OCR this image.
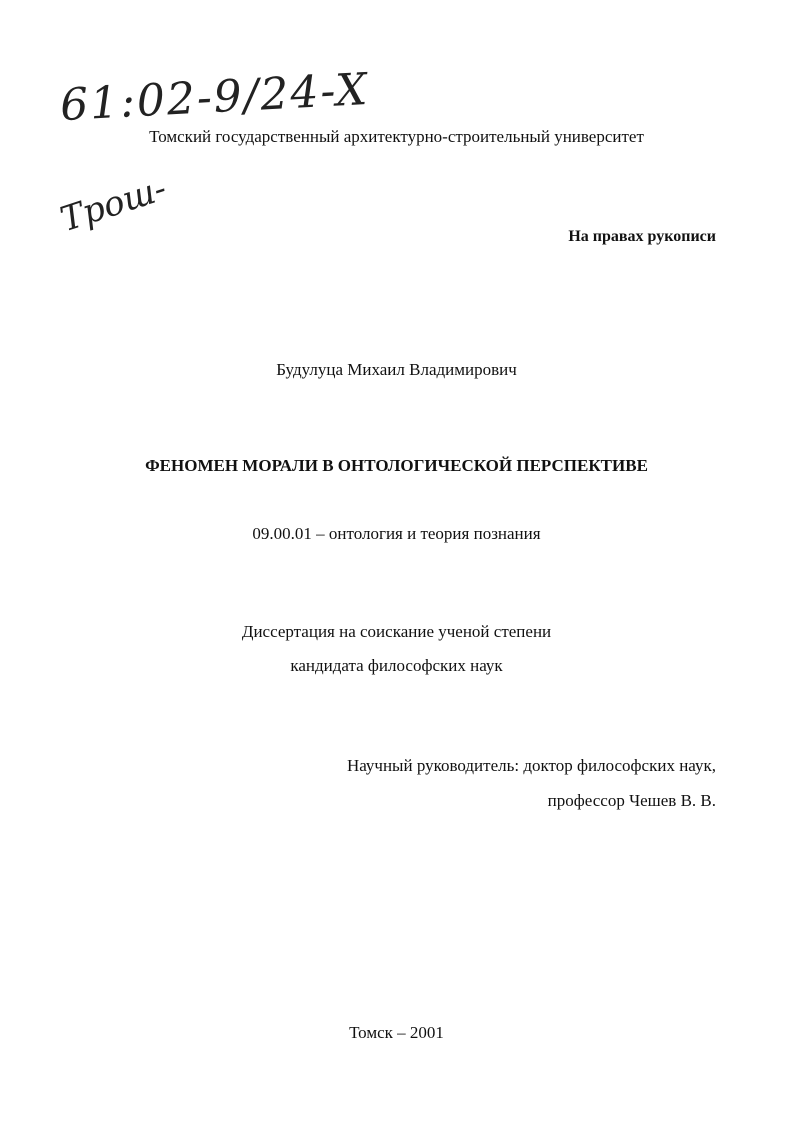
61:02-9/24-X
Трош-
Томский государственный архитектурно-строительный университет
На правах рукописи
Будулуца Михаил Владимирович
ФЕНОМЕН МОРАЛИ В ОНТОЛОГИЧЕСКОЙ ПЕРСПЕКТИВЕ
09.00.01 – онтология и теория познания
Диссертация на соискание ученой степени
кандидата философских наук
Научный руководитель: доктор философских наук,
профессор Чешев В. В.
Томск – 2001
